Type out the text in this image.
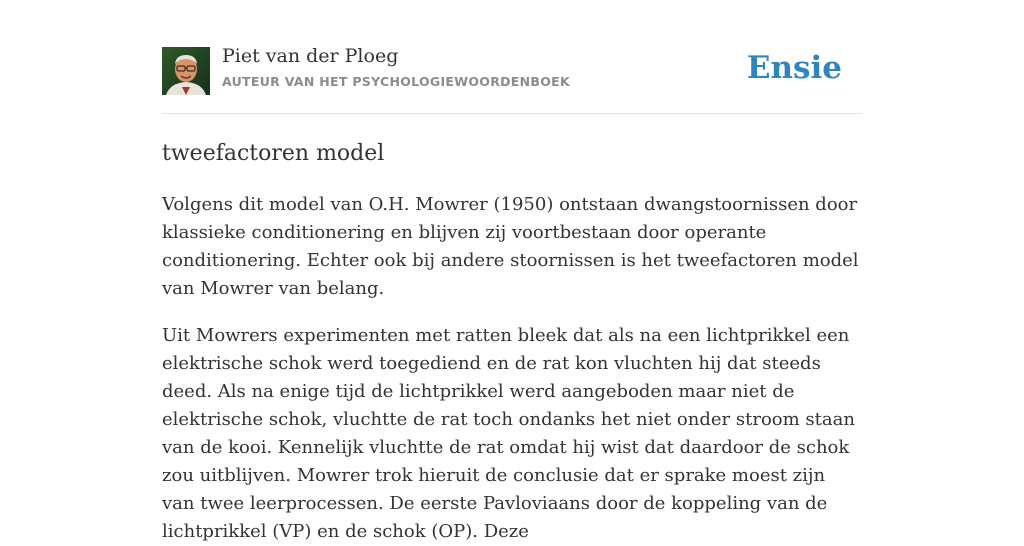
Piet van der Ploeg
AUTEUR VAN HET PSYCHOLOGIEWOORDENBOEK	Ensie
tweefactoren model

Volgens dit model van O.H. Mowrer (1950) ontstaan dwangstoornissen door klassieke conditionering en blijven zij voortbestaan door operante conditionering. Echter ook bij andere stoornissen is het tweefactoren model van Mowrer van belang.

Uit Mowrers experimenten met ratten bleek dat als na een lichtprikkel een elektrische schok werd toegediend en de rat kon vluchten hij dat steeds deed. Als na enige tijd de lichtprikkel werd aangeboden maar niet de elektrische schok, vluchtte de rat toch ondanks het niet onder stroom staan van de kooi. Kennelijk vluchtte de rat omdat hij wist dat daardoor de schok zou uitblijven. Mowrer trok hieruit de conclusie dat er sprake moest zijn van twee leerprocessen. De eerste Pavloviaans door de koppeling van de lichtprikkel (VP) en de schok (OP). Deze
